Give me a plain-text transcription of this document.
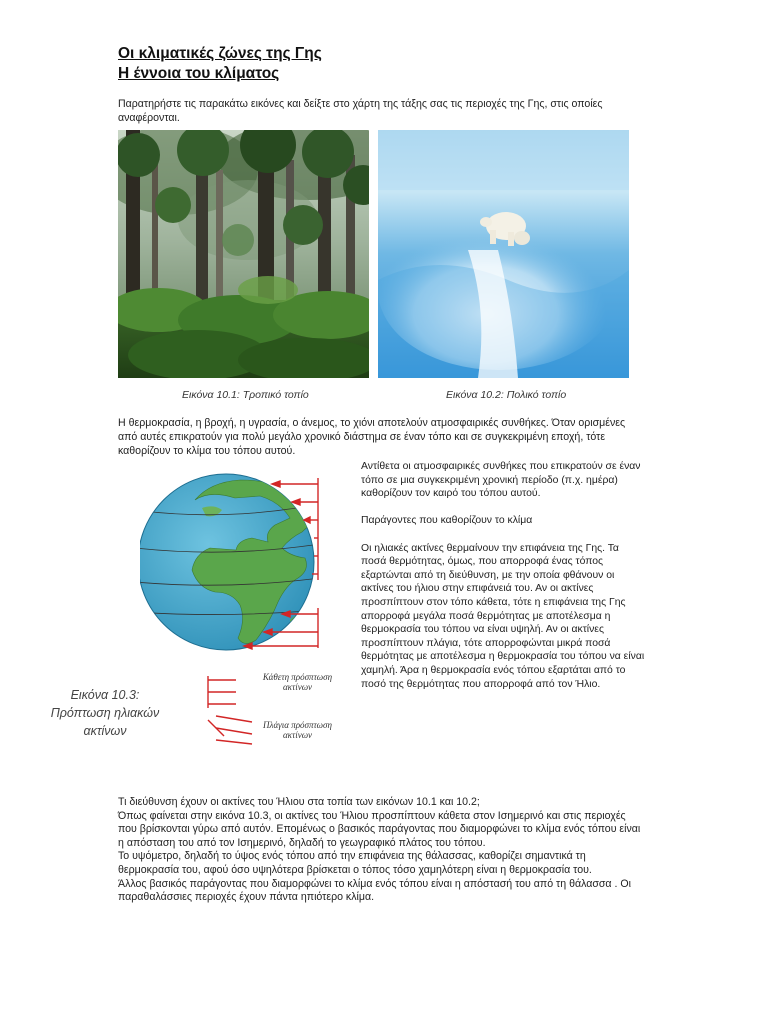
Οι κλιματικές ζώνες της Γης
Η έννοια του κλίματος
Παρατηρήστε τις παρακάτω εικόνες και δείξτε στο χάρτη της τάξης σας τις περιοχές της Γης, στις οποίες
αναφέρονται.
Εικόνα 10.1: Τροπικό τοπίο	Εικόνα 10.2: Πολικό τοπίο
Η θερμοκρασία, η βροχή, η υγρασία, ο άνεμος, το χιόνι αποτελούν ατμοσφαιρικές συνθήκες. Όταν ορισμένες
από αυτές επικρατούν για πολύ μεγάλο χρονικό διάστημα σε έναν τόπο και σε συγκεκριμένη εποχή, τότε
καθορίζουν το κλίμα του τόπου αυτού.
Κάθετη πρόσπτωση
ακτίνων
Πλάγια πρόσπτωση
ακτίνων
Εικόνα 10.3:
Πρόπτωση ηλιακών
ακτίνων

Αντίθετα οι ατμοσφαιρικές συνθήκες που επικρατούν σε έναν
τόπο σε μια συγκεκριμένη χρονική περίοδο (π.χ. ημέρα)
καθορίζουν τον καιρό του τόπου αυτού.

Παράγοντες που καθορίζουν το κλίμα

Οι ηλιακές ακτίνες θερμαίνουν την επιφάνεια της Γης. Τα
ποσά θερμότητας, όμως, που απορροφά ένας τόπος
εξαρτώνται από τη διεύθυνση, με την οποία φθάνουν οι
ακτίνες του ήλιου στην επιφάνειά του. Αν οι ακτίνες
προσπίπτουν στον τόπο κάθετα, τότε η επιφάνεια της Γης
απορροφά μεγάλα ποσά θερμότητας με αποτέλεσμα η
θερμοκρασία του τόπου να είναι υψηλή. Αν οι ακτίνες
προσπίπτουν πλάγια, τότε απορροφώνται μικρά ποσά
θερμότητας με αποτέλεσμα η θερμοκρασία του τόπου να είναι
χαμηλή. Άρα η θερμοκρασία ενός τόπου εξαρτάται από το
ποσό της θερμότητας που απορροφά από τον Ήλιο.

Τι διεύθυνση έχουν οι ακτίνες του Ήλιου στα τοπία των εικόνων 10.1 και 10.2;

Όπως φαίνεται στην εικόνα 10.3, οι ακτίνες του Ήλιου προσπίπτουν κάθετα στον Ισημερινό και στις περιοχές

που βρίσκονται γύρω από αυτόν. Επομένως ο βασικός παράγοντας που διαμορφώνει το κλίμα ενός τόπου είναι

η απόσταση του από τον Ισημερινό, δηλαδή το γεωγραφικό πλάτος του τόπου.

Το υψόμετρο, δηλαδή το ύψος ενός τόπου από την επιφάνεια της θάλασσας, καθορίζει σημαντικά τη

θερμοκρασία του, αφού όσο υψηλότερα βρίσκεται ο τόπος τόσο χαμηλότερη είναι η θερμοκρασία του.

Άλλος βασικός παράγοντας που διαμορφώνει το κλίμα ενός τόπου είναι η απόστασή του από τη θάλασσα . Οι

παραθαλάσσιες περιοχές έχουν πάντα ηπιότερο κλίμα.
